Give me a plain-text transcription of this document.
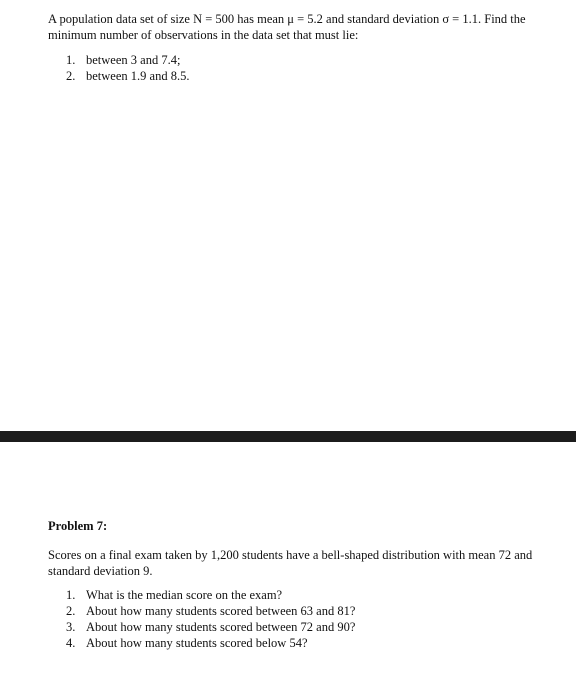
A population data set of size N = 500 has mean μ = 5.2 and standard deviation σ = 1.1. Find the
minimum number of observations in the data set that must lie:
1. between 3 and 7.4;
2. between 1.9 and 8.5.
Problem 7:
Scores on a final exam taken by 1,200 students have a bell-shaped distribution with mean 72 and
standard deviation 9.
1. What is the median score on the exam?
2. About how many students scored between 63 and 81?
3. About how many students scored between 72 and 90?
4. About how many students scored below 54?
